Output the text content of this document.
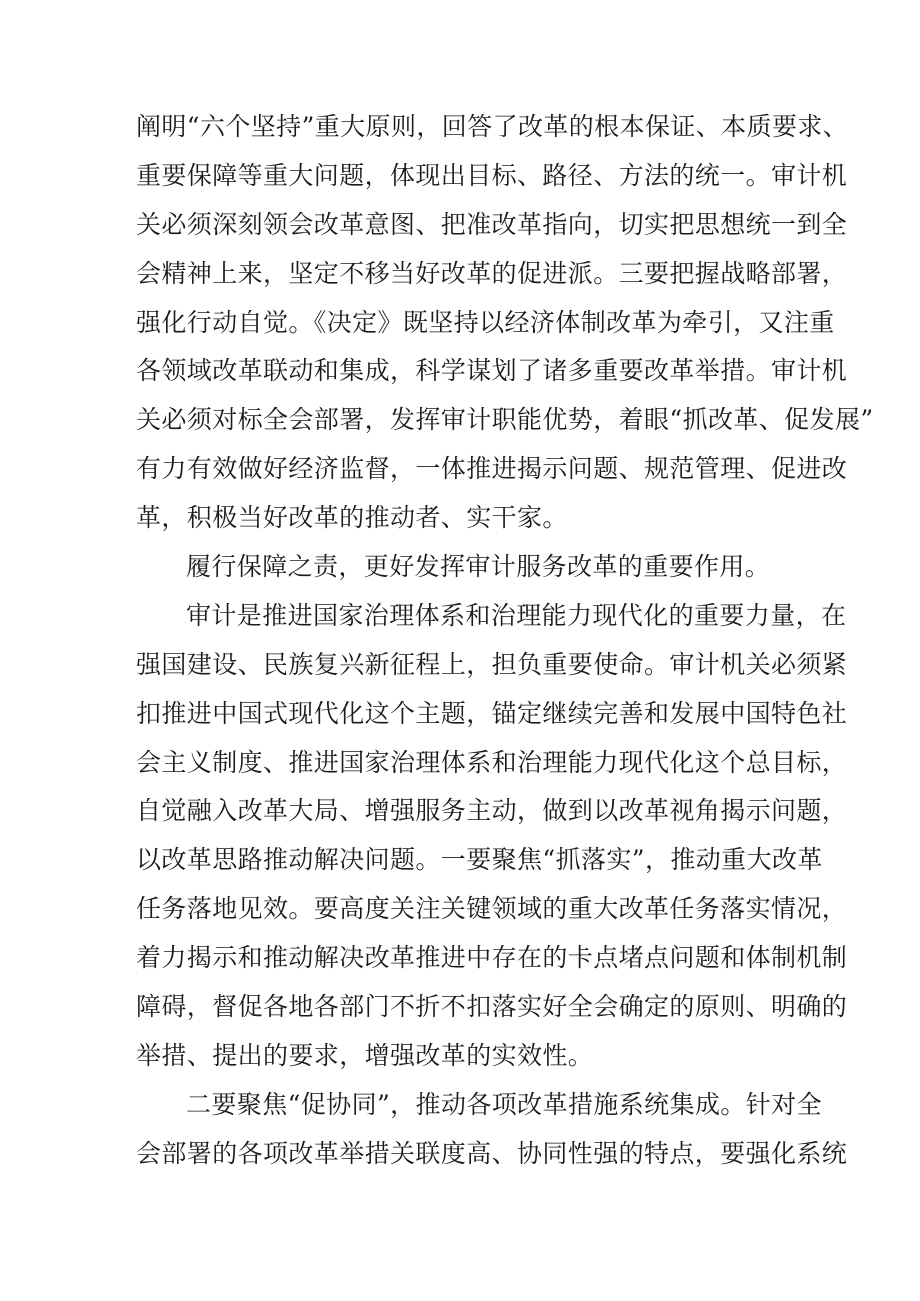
阐明“六个坚持”重大原则，回答了改革的根本保证、本质要求、
重要保障等重大问题，体现出目标、路径、方法的统一。审计机
关必须深刻领会改革意图、把准改革指向，切实把思想统一到全
会精神上来，坚定不移当好改革的促进派。三要把握战略部署，
强化行动自觉。《决定》既坚持以经济体制改革为牵引，又注重
各领域改革联动和集成，科学谋划了诸多重要改革举措。审计机
关必须对标全会部署，发挥审计职能优势，着眼“抓改革、促发展”
有力有效做好经济监督，一体推进揭示问题、规范管理、促进改
革，积极当好改革的推动者、实干家。
履行保障之责，更好发挥审计服务改革的重要作用。
审计是推进国家治理体系和治理能力现代化的重要力量，在
强国建设、民族复兴新征程上，担负重要使命。审计机关必须紧
扣推进中国式现代化这个主题，锚定继续完善和发展中国特色社
会主义制度、推进国家治理体系和治理能力现代化这个总目标，
自觉融入改革大局、增强服务主动，做到以改革视角揭示问题，
以改革思路推动解决问题。一要聚焦“抓落实”，推动重大改革
任务落地见效。要高度关注关键领域的重大改革任务落实情况，
着力揭示和推动解决改革推进中存在的卡点堵点问题和体制机制
障碍，督促各地各部门不折不扣落实好全会确定的原则、明确的
举措、提出的要求，增强改革的实效性。
二要聚焦“促协同”，推动各项改革措施系统集成。针对全
会部署的各项改革举措关联度高、协同性强的特点，要强化系统
